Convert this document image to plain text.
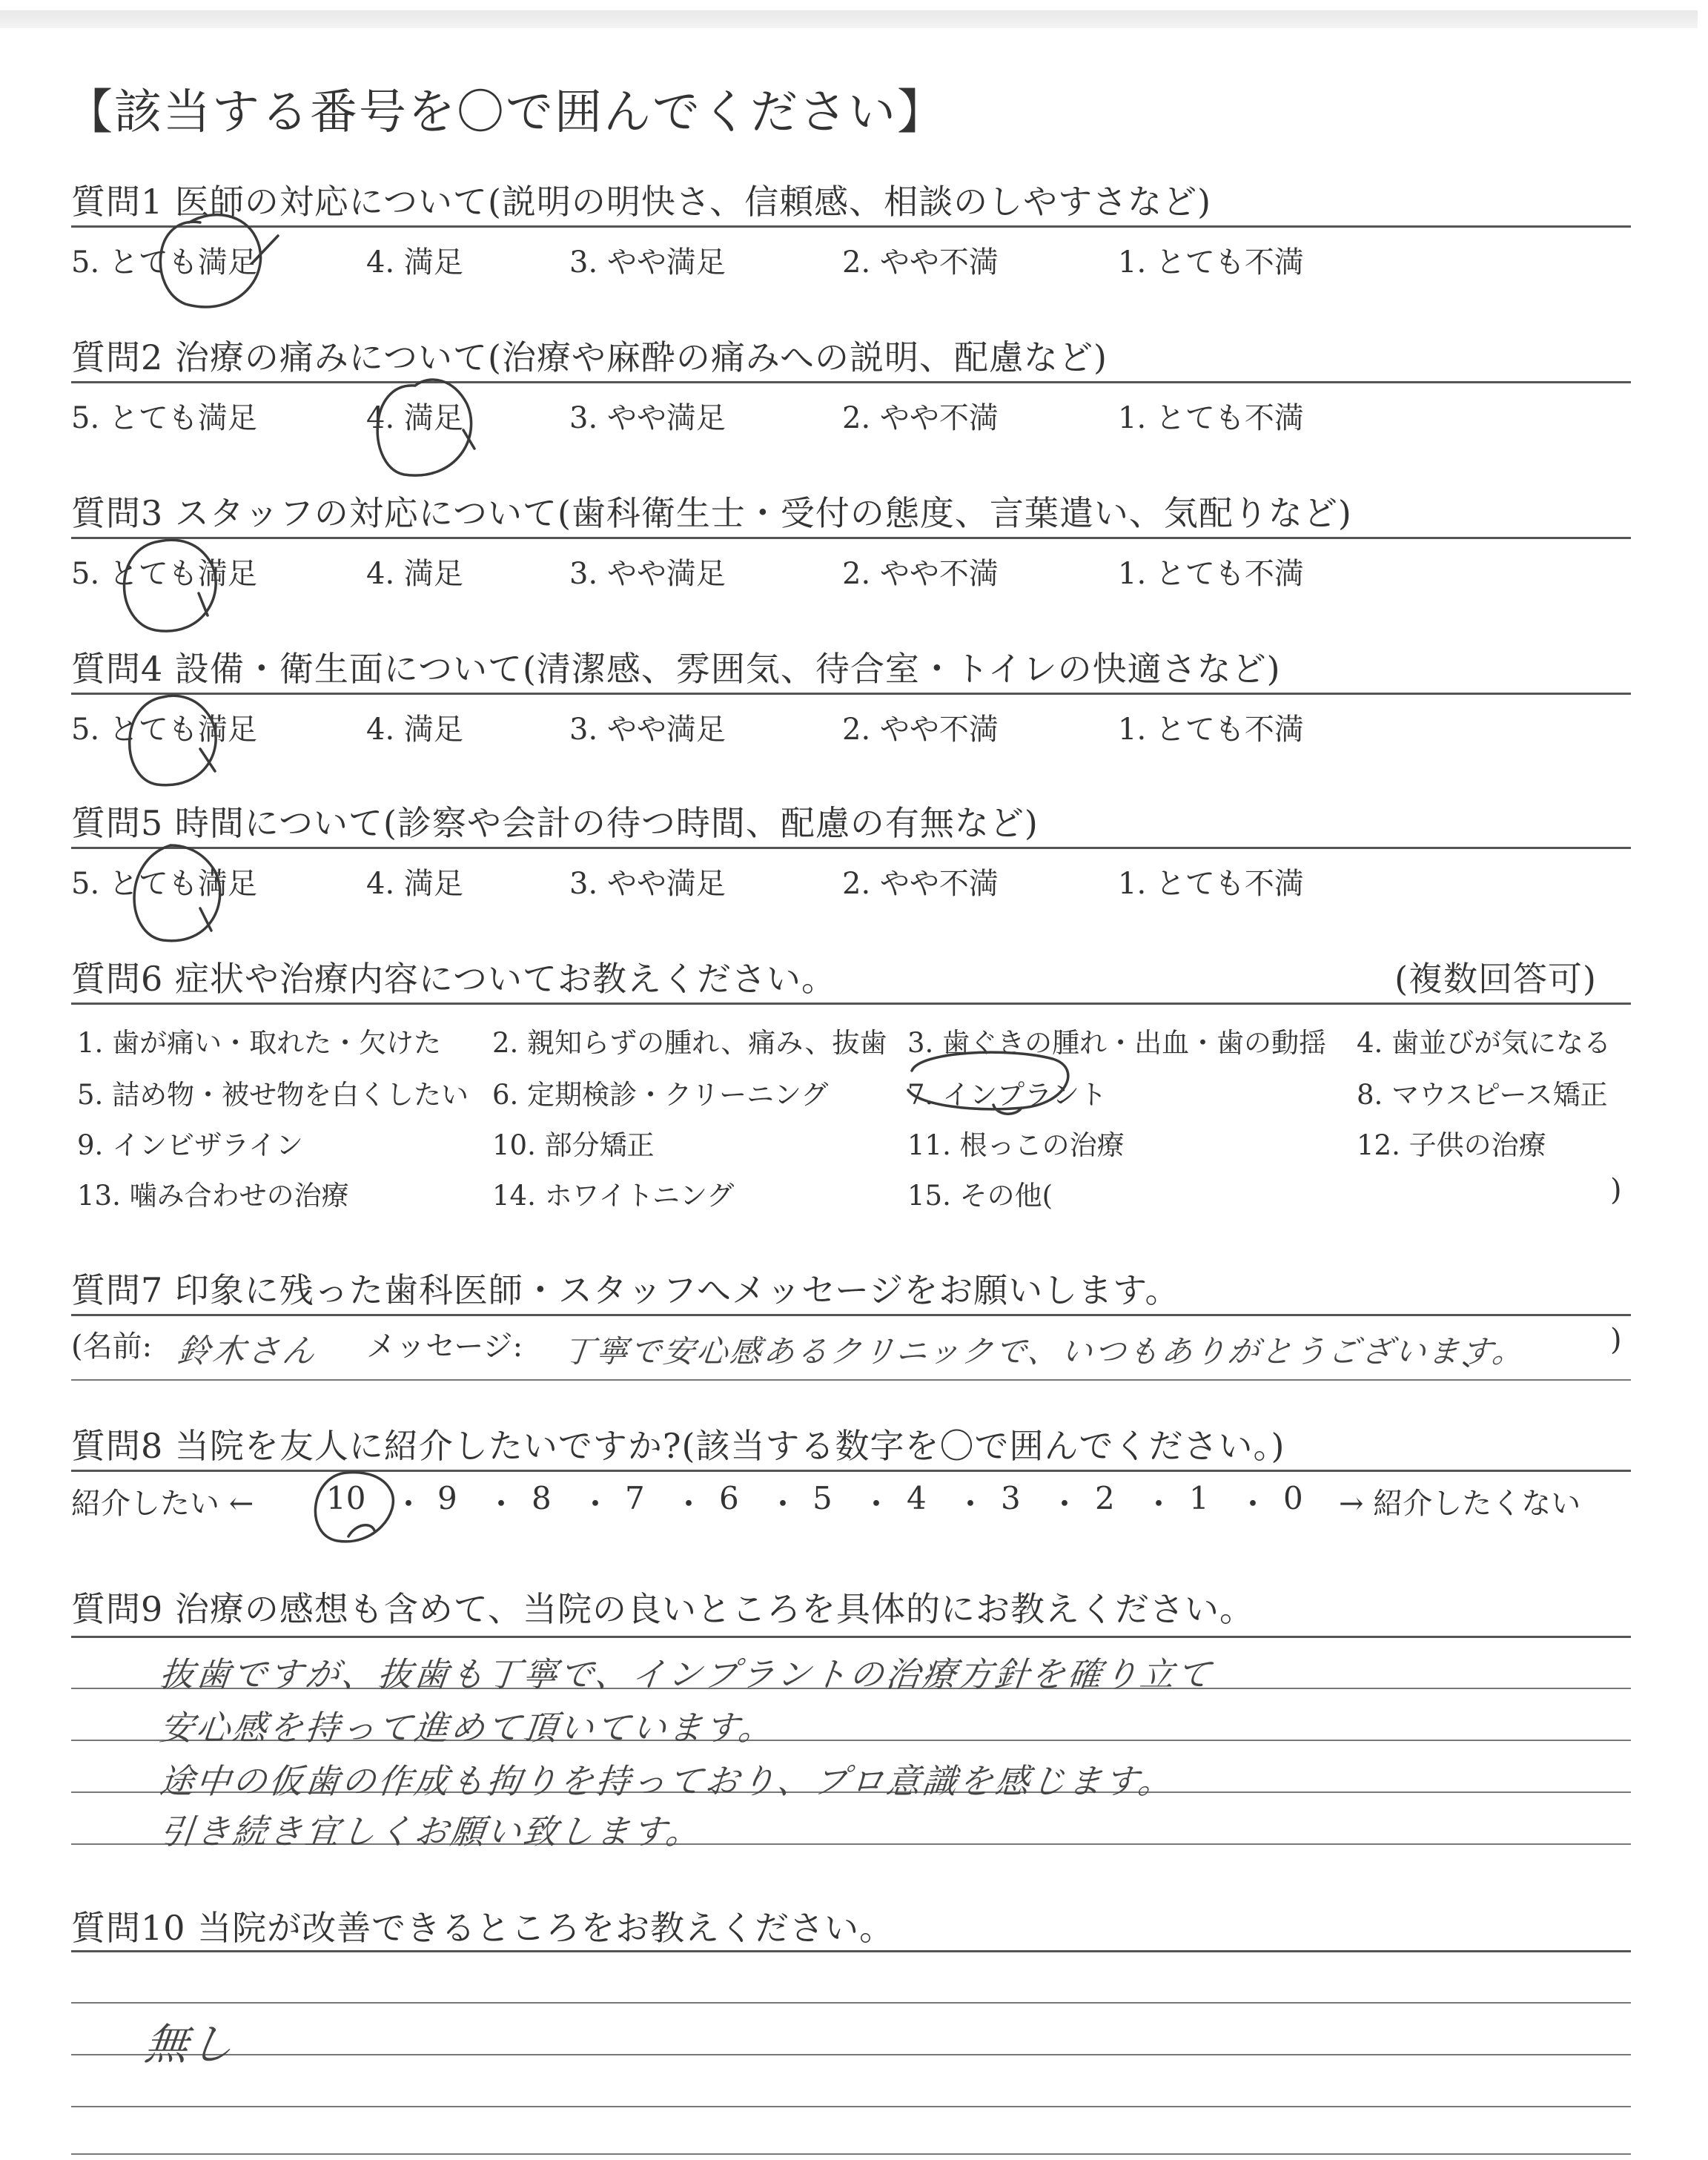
【該当する番号を〇で囲んでください】
質問1 医師の対応について(説明の明快さ、信頼感、相談のしやすさなど)
5. とても満足	4. 満足	3. やや満足	2. やや不満	1. とても不満
質問2 治療の痛みについて(治療や麻酔の痛みへの説明、配慮など)
5. とても満足	4. 満足	3. やや満足	2. やや不満	1. とても不満
質問3 スタッフの対応について(歯科衛生士・受付の態度、言葉遣い、気配りなど)
5. とても満足	4. 満足	3. やや満足	2. やや不満	1. とても不満
質問4 設備・衛生面について(清潔感、雰囲気、待合室・トイレの快適さなど)
5. とても満足	4. 満足	3. やや満足	2. やや不満	1. とても不満
質問5 時間について(診察や会計の待つ時間、配慮の有無など)
5. とても満足	4. 満足	3. やや満足	2. やや不満	1. とても不満
質問6 症状や治療内容についてお教えください。	(複数回答可)
1. 歯が痛い・取れた・欠けた 2. 親知らずの腫れ、痛み、抜歯 3. 歯ぐきの腫れ・出血・歯の動揺 4. 歯並びが気になる
5. 詰め物・被せ物を白くしたい 6. 定期検診・クリーニング	7. インプラント	8. マウスピース矯正
9. インビザライン	10. 部分矯正	11. 根っこの治療	12. 子供の治療
13. 噛み合わせの治療	14. ホワイトニング	15. その他(	)
質問7 印象に残った歯科医師・スタッフへメッセージをお願いします。
(名前: 鈴木さん メッセージ: 丁寧で安心感あるクリニックで、いつもありがとうございます。	)
質問8 当院を友人に紹介したいですか?(該当する数字を〇で囲んでください。)
紹介したい ← 10 ・ 9 ・ 8 ・ 7 ・ 6 ・ 5 ・ 4 ・ 3 ・ 2 ・ 1 ・ 0 → 紹介したくない
質問9 治療の感想も含めて、当院の良いところを具体的にお教えください。
抜歯ですが、抜歯も丁寧で、インプラントの治療方針を確り立て
安心感を持って進めて頂いています。
途中の仮歯の作成も拘りを持っており、プロ意識を感じます。
引き続き宜しくお願い致します。
質問10 当院が改善できるところをお教えください。
無し
